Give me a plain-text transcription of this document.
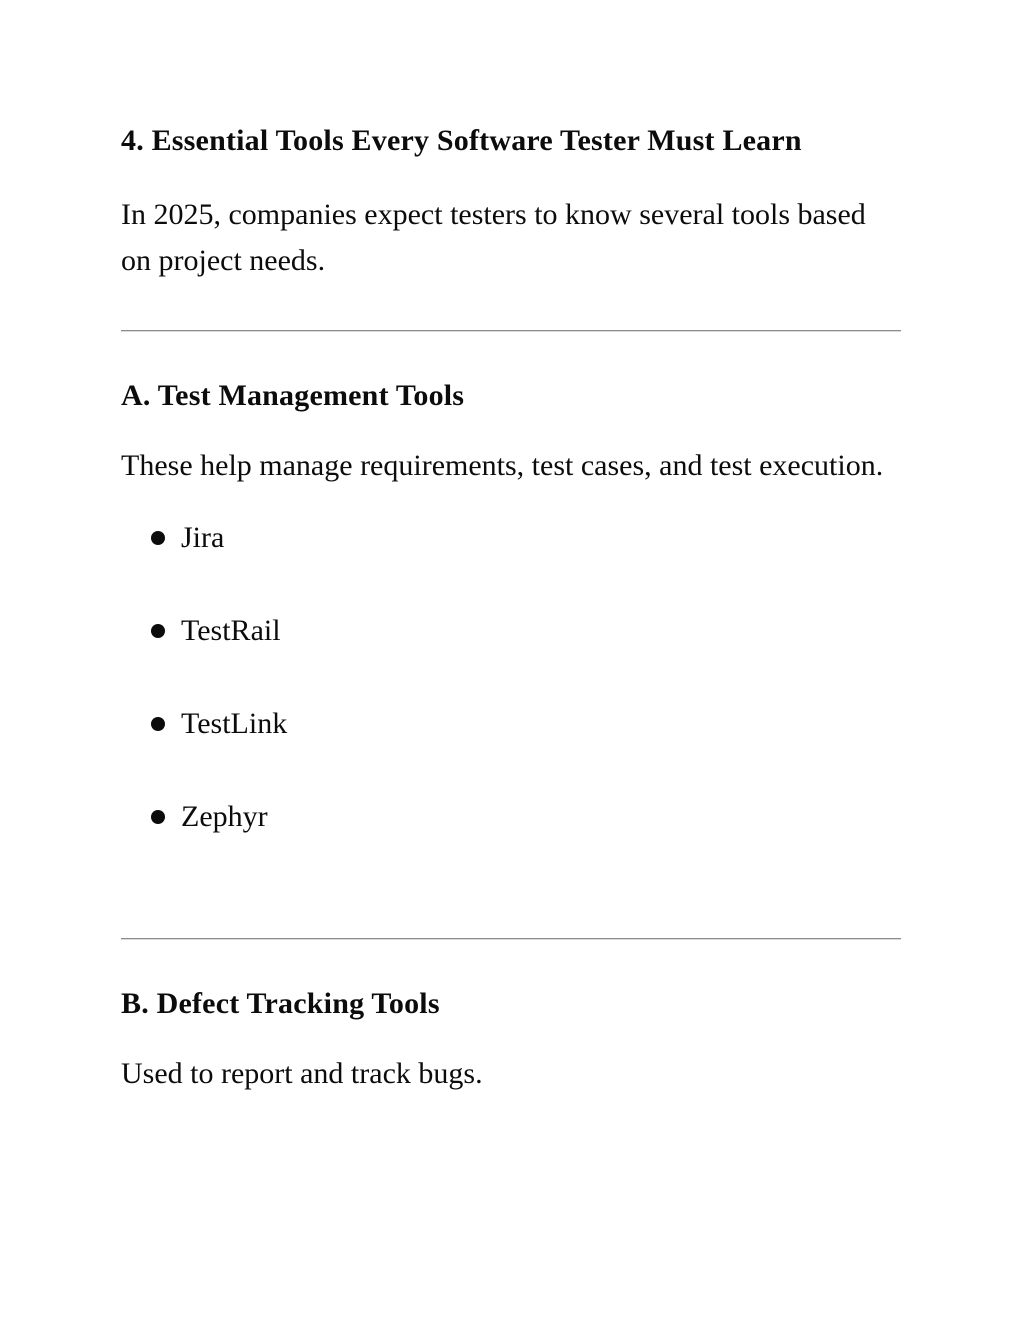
4. Essential Tools Every Software Tester Must Learn

In 2025, companies expect testers to know several tools based on project needs.

A. Test Management Tools

These help manage requirements, test cases, and test execution.

Jira
TestRail
TestLink
Zephyr
B. Defect Tracking Tools

Used to report and track bugs.
